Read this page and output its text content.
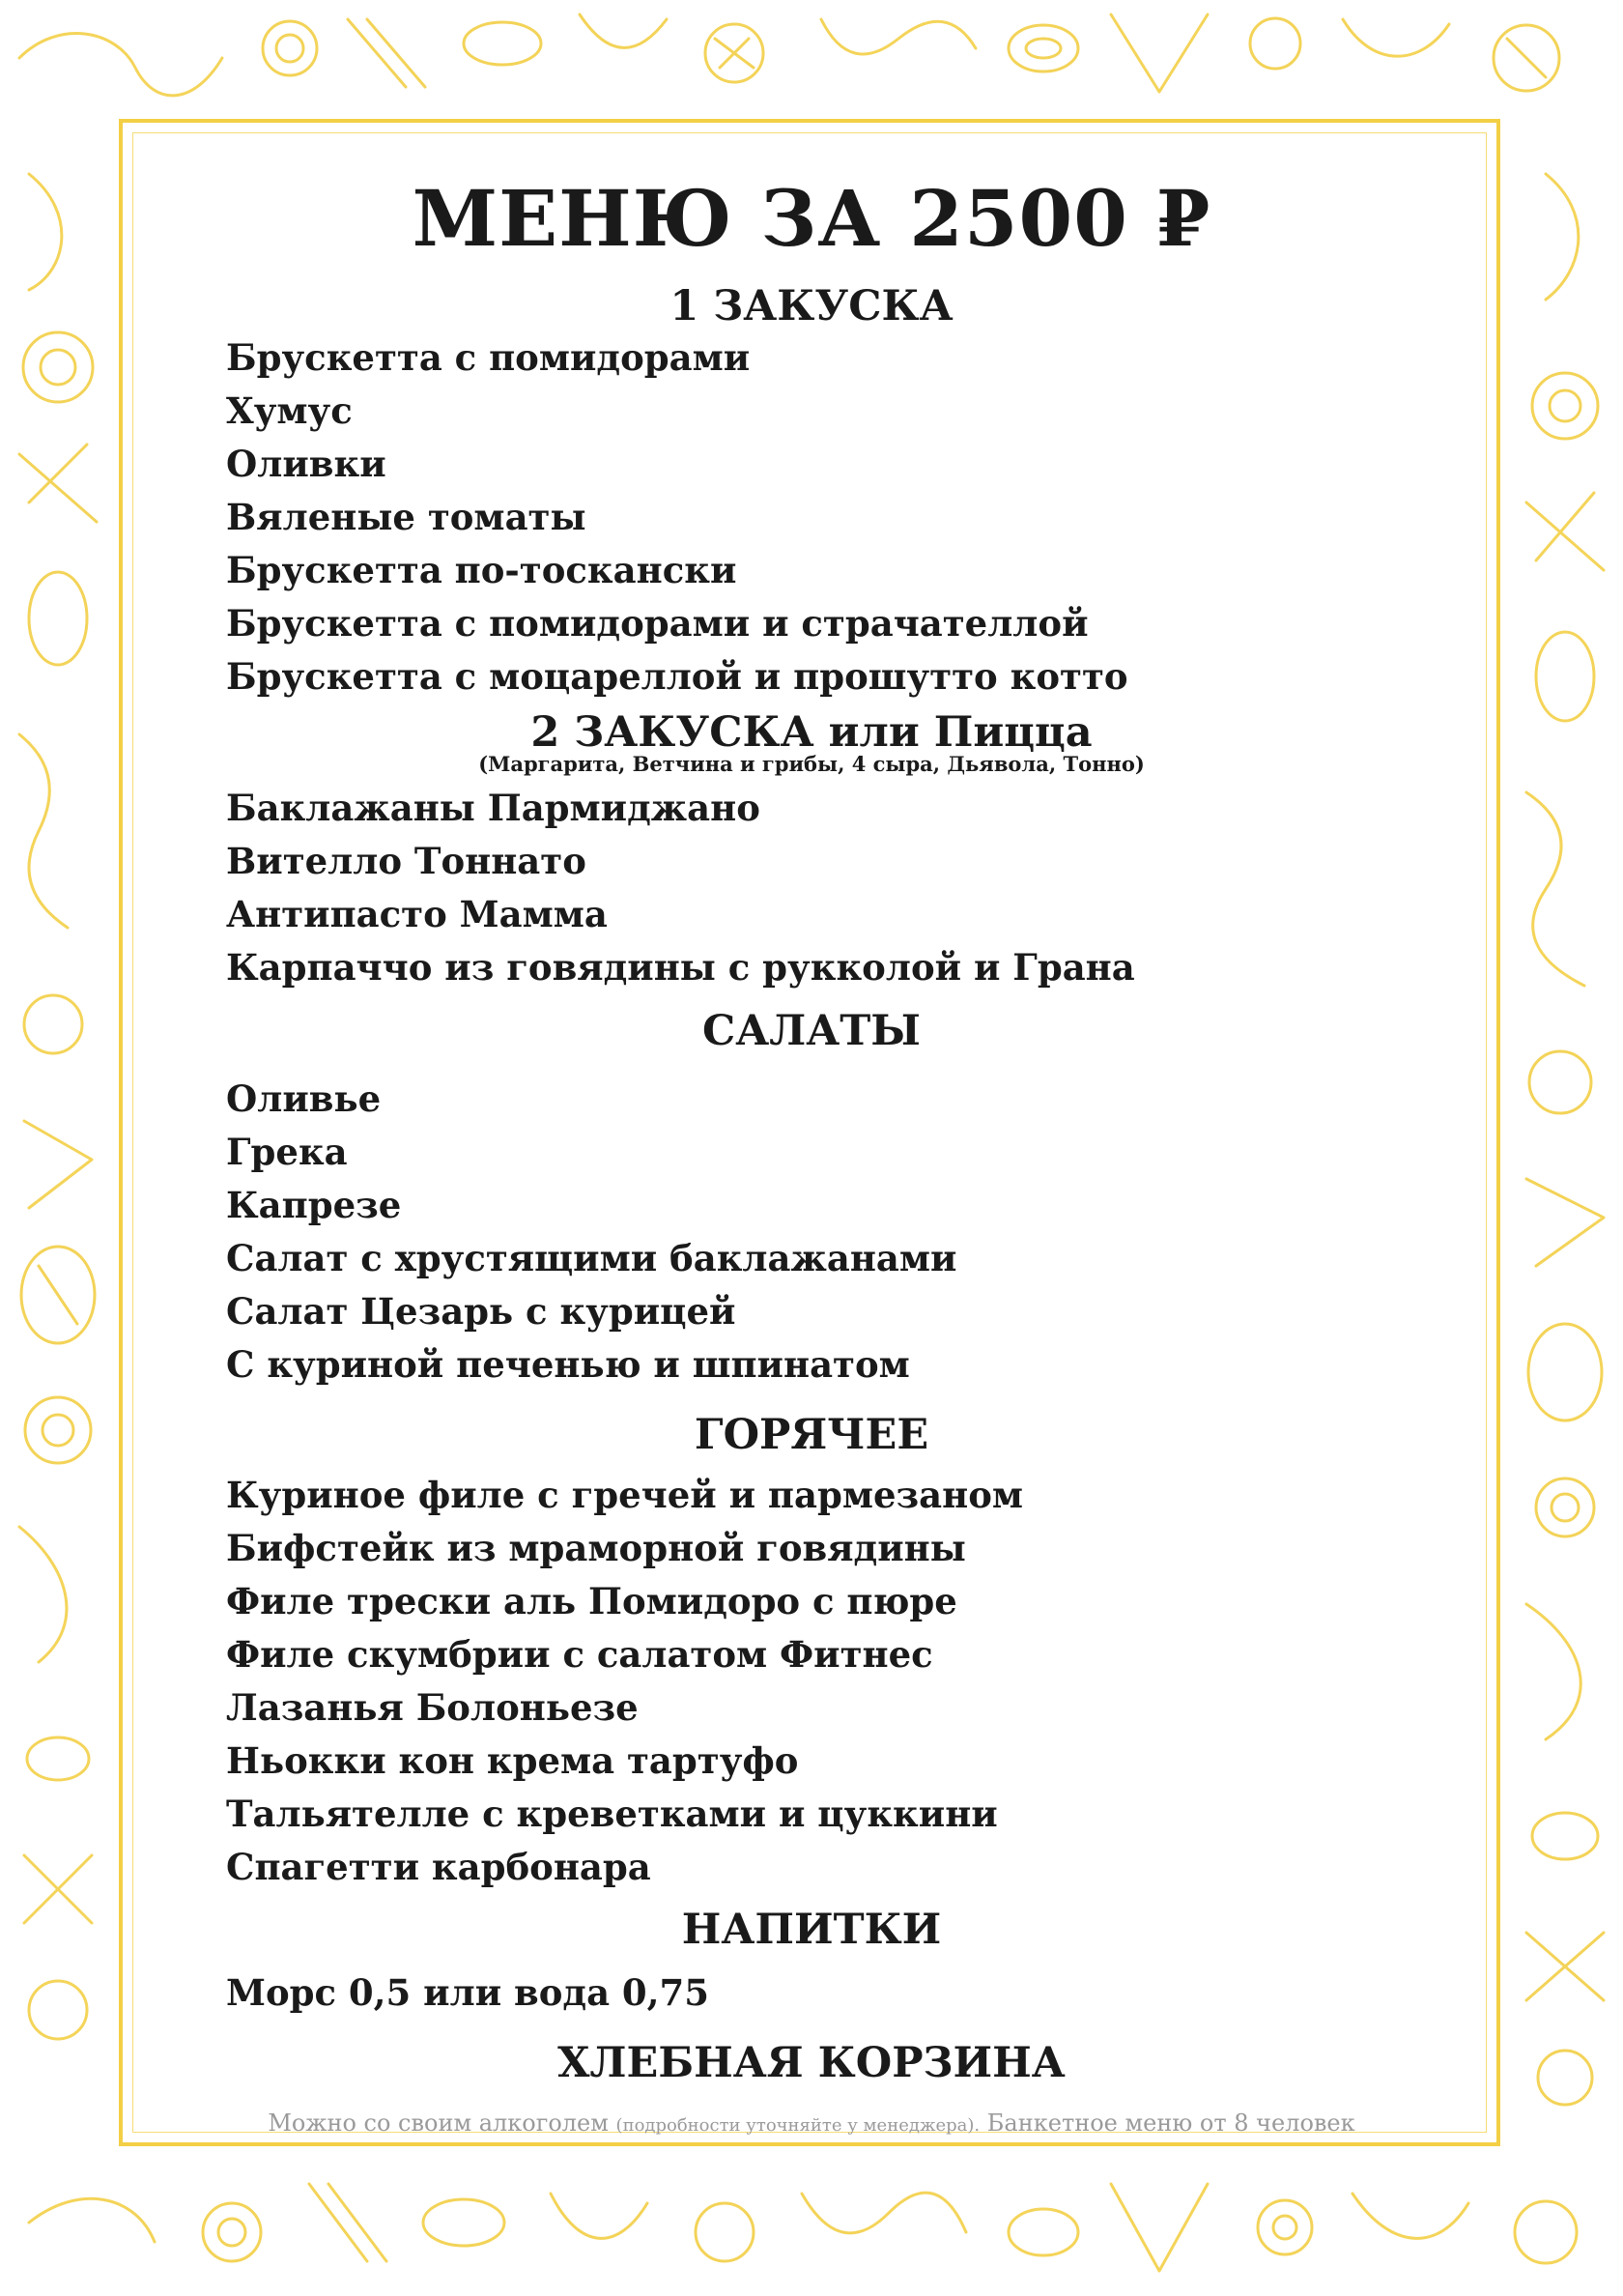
МЕНЮ ЗА 2500 ₽
1 ЗАКУСКА
Брускетта с помидорами
Хумус
Оливки
Вяленые томаты
Брускетта по-тоскански
Брускетта с помидорами и страчателлой
Брускетта с моцареллой и прошутто котто
2 ЗАКУСКА или Пицца
(Маргарита, Ветчина и грибы, 4 сыра, Дьявола, Тонно)
Баклажаны Пармиджано
Вителло Тоннато
Антипасто Мамма
Карпаччо из говядины с рукколой и Грана
САЛАТЫ
Оливье
Грека
Капрезе
Салат с хрустящими баклажанами
Салат Цезарь с курицей
С куриной печенью и шпинатом
ГОРЯЧЕЕ
Куриное филе с гречей и пармезаном
Бифстейк из мраморной говядины
Филе трески аль Помидоро с пюре
Филе скумбрии с салатом Фитнес
Лазанья Болоньезе
Ньокки кон крема тартуфо
Тальятелле с креветками и цуккини
Спагетти карбонара
НАПИТКИ
Морс 0,5 или вода 0,75
ХЛЕБНАЯ КОРЗИНА
Можно со своим алкоголем (подробности уточняйте у менеджера). Банкетное меню от 8 человек
